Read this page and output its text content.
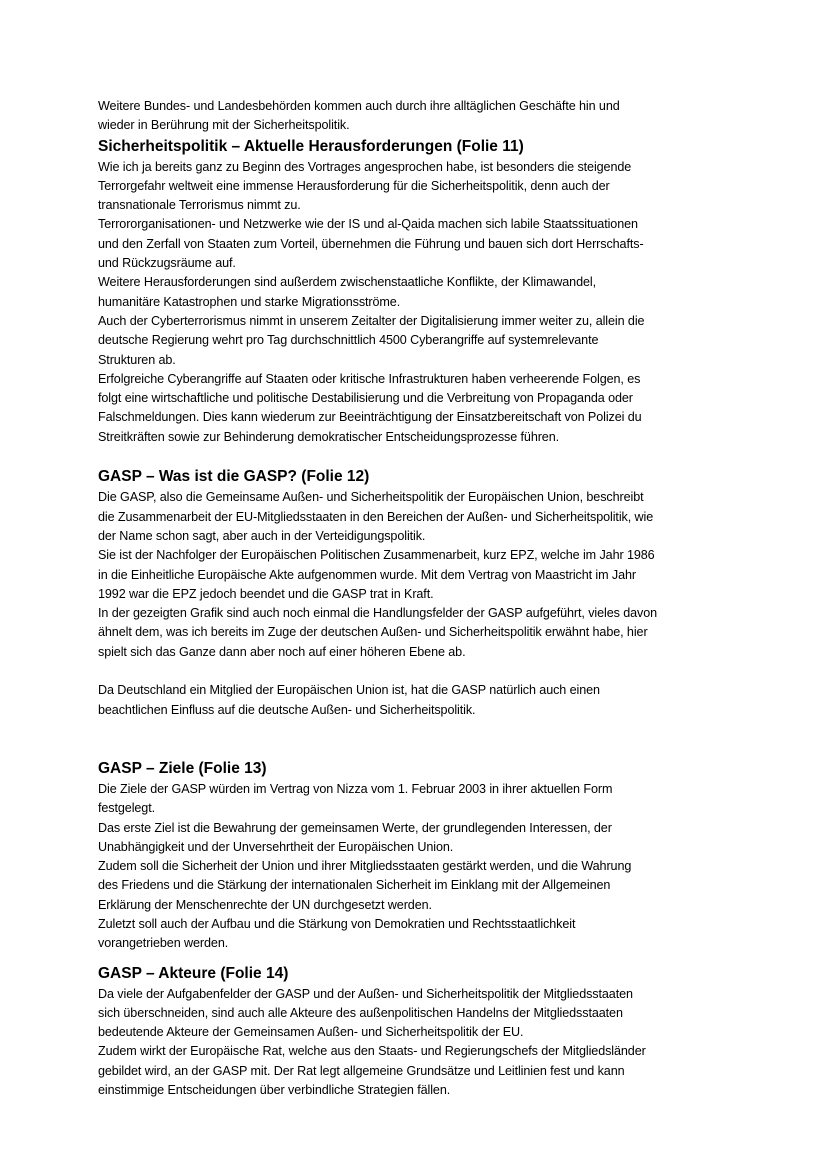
Weitere Bundes- und Landesbehörden kommen auch durch ihre alltäglichen Geschäfte hin und
wieder in Berührung mit der Sicherheitspolitik.
Sicherheitspolitik – Aktuelle Herausforderungen (Folie 11)
Wie ich ja bereits ganz zu Beginn des Vortrages angesprochen habe, ist besonders die steigende
Terrorgefahr weltweit eine immense Herausforderung für die Sicherheitspolitik, denn auch der
transnationale Terrorismus nimmt zu.
Terrororganisationen- und Netzwerke wie der IS und al-Qaida machen sich labile Staatssituationen
und den Zerfall von Staaten zum Vorteil, übernehmen die Führung und bauen sich dort Herrschafts-
und Rückzugsräume auf.
Weitere Herausforderungen sind außerdem zwischenstaatliche Konflikte, der Klimawandel,
humanitäre Katastrophen und starke Migrationsströme.
Auch der Cyberterrorismus nimmt in unserem Zeitalter der Digitalisierung immer weiter zu, allein die
deutsche Regierung wehrt pro Tag durchschnittlich 4500 Cyberangriffe auf systemrelevante
Strukturen ab.
Erfolgreiche Cyberangriffe auf Staaten oder kritische Infrastrukturen haben verheerende Folgen, es
folgt eine wirtschaftliche und politische Destabilisierung und die Verbreitung von Propaganda oder
Falschmeldungen. Dies kann wiederum zur Beeinträchtigung der Einsatzbereitschaft von Polizei du
Streitkräften sowie zur Behinderung demokratischer Entscheidungsprozesse führen.
GASP – Was ist die GASP? (Folie 12)
Die GASP, also die Gemeinsame Außen- und Sicherheitspolitik der Europäischen Union, beschreibt
die Zusammenarbeit der EU-Mitgliedsstaaten in den Bereichen der Außen- und Sicherheitspolitik, wie
der Name schon sagt, aber auch in der Verteidigungspolitik.
Sie ist der Nachfolger der Europäischen Politischen Zusammenarbeit, kurz EPZ, welche im Jahr 1986
in die Einheitliche Europäische Akte aufgenommen wurde. Mit dem Vertrag von Maastricht im Jahr
1992 war die EPZ jedoch beendet und die GASP trat in Kraft.
In der gezeigten Grafik sind auch noch einmal die Handlungsfelder der GASP aufgeführt, vieles davon
ähnelt dem, was ich bereits im Zuge der deutschen Außen- und Sicherheitspolitik erwähnt habe, hier
spielt sich das Ganze dann aber noch auf einer höheren Ebene ab.
Da Deutschland ein Mitglied der Europäischen Union ist, hat die GASP natürlich auch einen
beachtlichen Einfluss auf die deutsche Außen- und Sicherheitspolitik.
GASP – Ziele (Folie 13)
Die Ziele der GASP würden im Vertrag von Nizza vom 1. Februar 2003 in ihrer aktuellen Form
festgelegt.
Das erste Ziel ist die Bewahrung der gemeinsamen Werte, der grundlegenden Interessen, der
Unabhängigkeit und der Unversehrtheit der Europäischen Union.
Zudem soll die Sicherheit der Union und ihrer Mitgliedsstaaten gestärkt werden, und die Wahrung
des Friedens und die Stärkung der internationalen Sicherheit im Einklang mit der Allgemeinen
Erklärung der Menschenrechte der UN durchgesetzt werden.
Zuletzt soll auch der Aufbau und die Stärkung von Demokratien und Rechtsstaatlichkeit
vorangetrieben werden.
GASP – Akteure (Folie 14)
Da viele der Aufgabenfelder der GASP und der Außen- und Sicherheitspolitik der Mitgliedsstaaten
sich überschneiden, sind auch alle Akteure des außenpolitischen Handelns der Mitgliedsstaaten
bedeutende Akteure der Gemeinsamen Außen- und Sicherheitspolitik der EU.
Zudem wirkt der Europäische Rat, welche aus den Staats- und Regierungschefs der Mitgliedsländer
gebildet wird, an der GASP mit. Der Rat legt allgemeine Grundsätze und Leitlinien fest und kann
einstimmige Entscheidungen über verbindliche Strategien fällen.
